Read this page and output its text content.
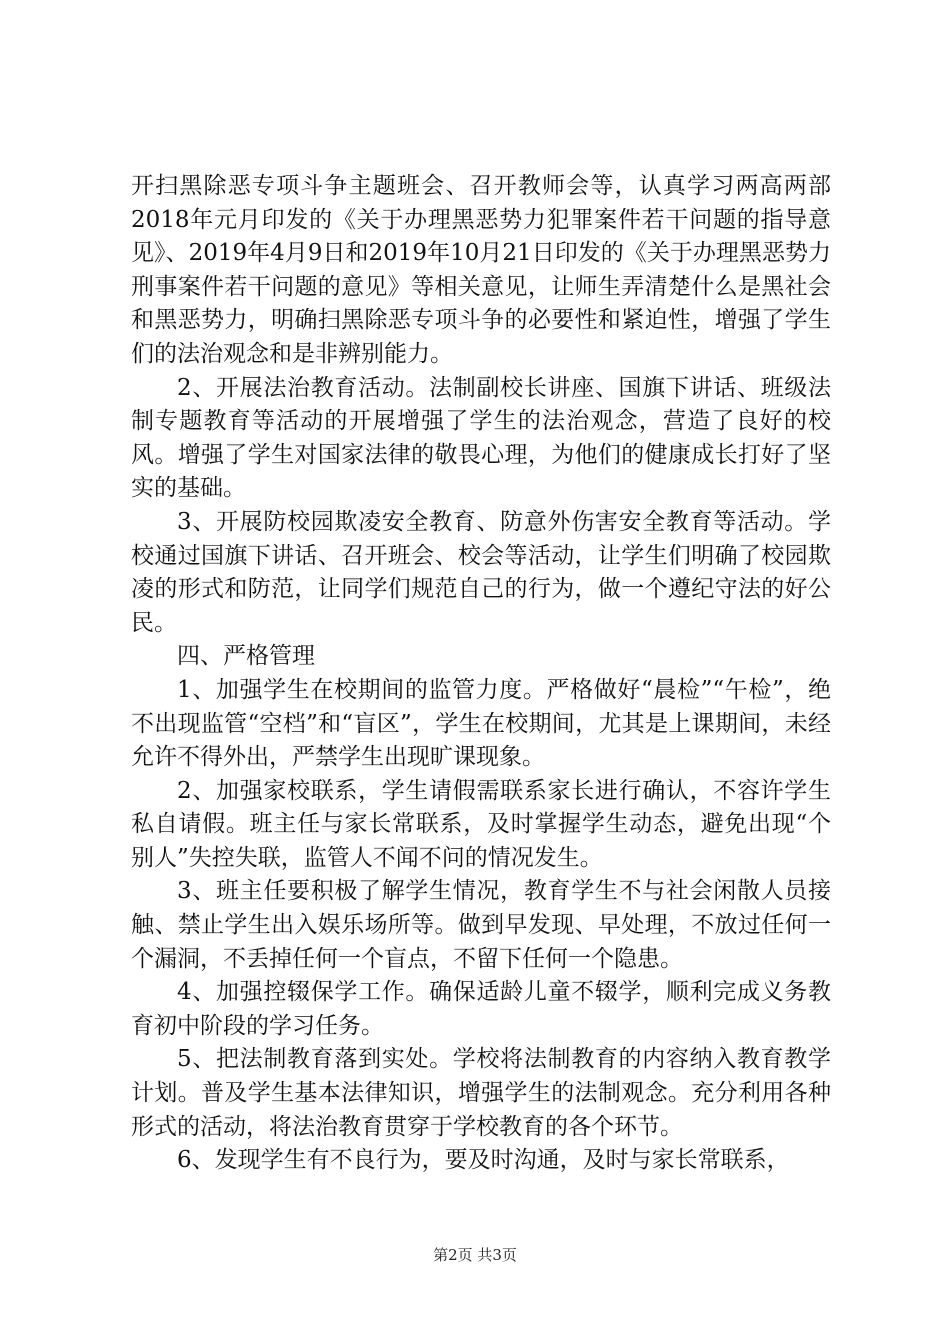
开扫黑除恶专项斗争主题班会、召开教师会等，认真学习两高两部2018年元月印发的《关于办理黑恶势力犯罪案件若干问题的指导意见》、2019年4月9日和2019年10月21日印发的《关于办理黑恶势力刑事案件若干问题的意见》等相关意见，让师生弄清楚什么是黑社会和黑恶势力，明确扫黑除恶专项斗争的必要性和紧迫性，增强了学生们的法治观念和是非辨别能力。

2、开展法治教育活动。法制副校长讲座、国旗下讲话、班级法制专题教育等活动的开展增强了学生的法治观念，营造了良好的校风。增强了学生对国家法律的敬畏心理，为他们的健康成长打好了坚实的基础。

3、开展防校园欺凌安全教育、防意外伤害安全教育等活动。学校通过国旗下讲话、召开班会、校会等活动，让学生们明确了校园欺凌的形式和防范，让同学们规范自己的行为，做一个遵纪守法的好公民。

四、严格管理

1、加强学生在校期间的监管力度。严格做好“晨检”“午检”，绝不出现监管“空档”和“盲区”，学生在校期间，尤其是上课期间，未经允许不得外出，严禁学生出现旷课现象。

2、加强家校联系，学生请假需联系家长进行确认，不容许学生私自请假。班主任与家长常联系，及时掌握学生动态，避免出现“个别人”失控失联，监管人不闻不问的情况发生。

3、班主任要积极了解学生情况，教育学生不与社会闲散人员接触、禁止学生出入娱乐场所等。做到早发现、早处理，不放过任何一个漏洞，不丢掉任何一个盲点，不留下任何一个隐患。

4、加强控辍保学工作。确保适龄儿童不辍学，顺利完成义务教育初中阶段的学习任务。

5、把法制教育落到实处。学校将法制教育的内容纳入教育教学计划。普及学生基本法律知识，增强学生的法制观念。充分利用各种形式的活动，将法治教育贯穿于学校教育的各个环节。

6、发现学生有不良行为，要及时沟通，及时与家长常联系，

第2页 共3页
